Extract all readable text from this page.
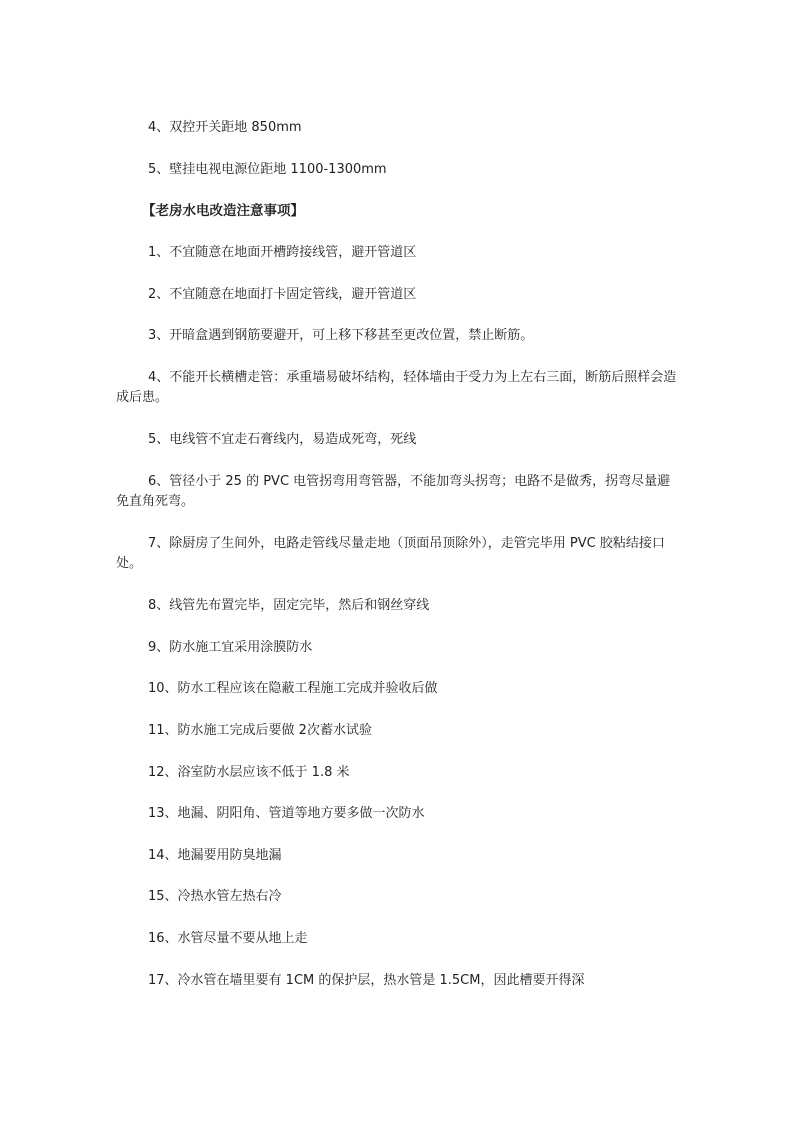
4、双控开关距地 850mm

5、壁挂电视电源位距地 1100-1300mm

【老房水电改造注意事项】

1、不宜随意在地面开槽跨接线管，避开管道区

2、不宜随意在地面打卡固定管线，避开管道区

3、开暗盒遇到钢筋要避开，可上移下移甚至更改位置，禁止断筋。

4、不能开长横槽走管：承重墙易破坏结构，轻体墙由于受力为上左右三面，断筋后照样会造成后患。

5、电线管不宜走石膏线内，易造成死弯，死线

6、管径小于 25 的 PVC 电管拐弯用弯管器，不能加弯头拐弯；电路不是做秀，拐弯尽量避免直角死弯。

7、除厨房了生间外，电路走管线尽量走地（顶面吊顶除外），走管完毕用 PVC 胶粘结接口处。

8、线管先布置完毕，固定完毕，然后和钢丝穿线

9、防水施工宜采用涂膜防水

10、防水工程应该在隐蔽工程施工完成并验收后做

11、防水施工完成后要做 2次蓄水试验

12、浴室防水层应该不低于 1.8 米

13、地漏、阴阳角、管道等地方要多做一次防水

14、地漏要用防臭地漏

15、冷热水管左热右冷

16、水管尽量不要从地上走

17、冷水管在墙里要有 1CM 的保护层，热水管是 1.5CM，因此槽要开得深
